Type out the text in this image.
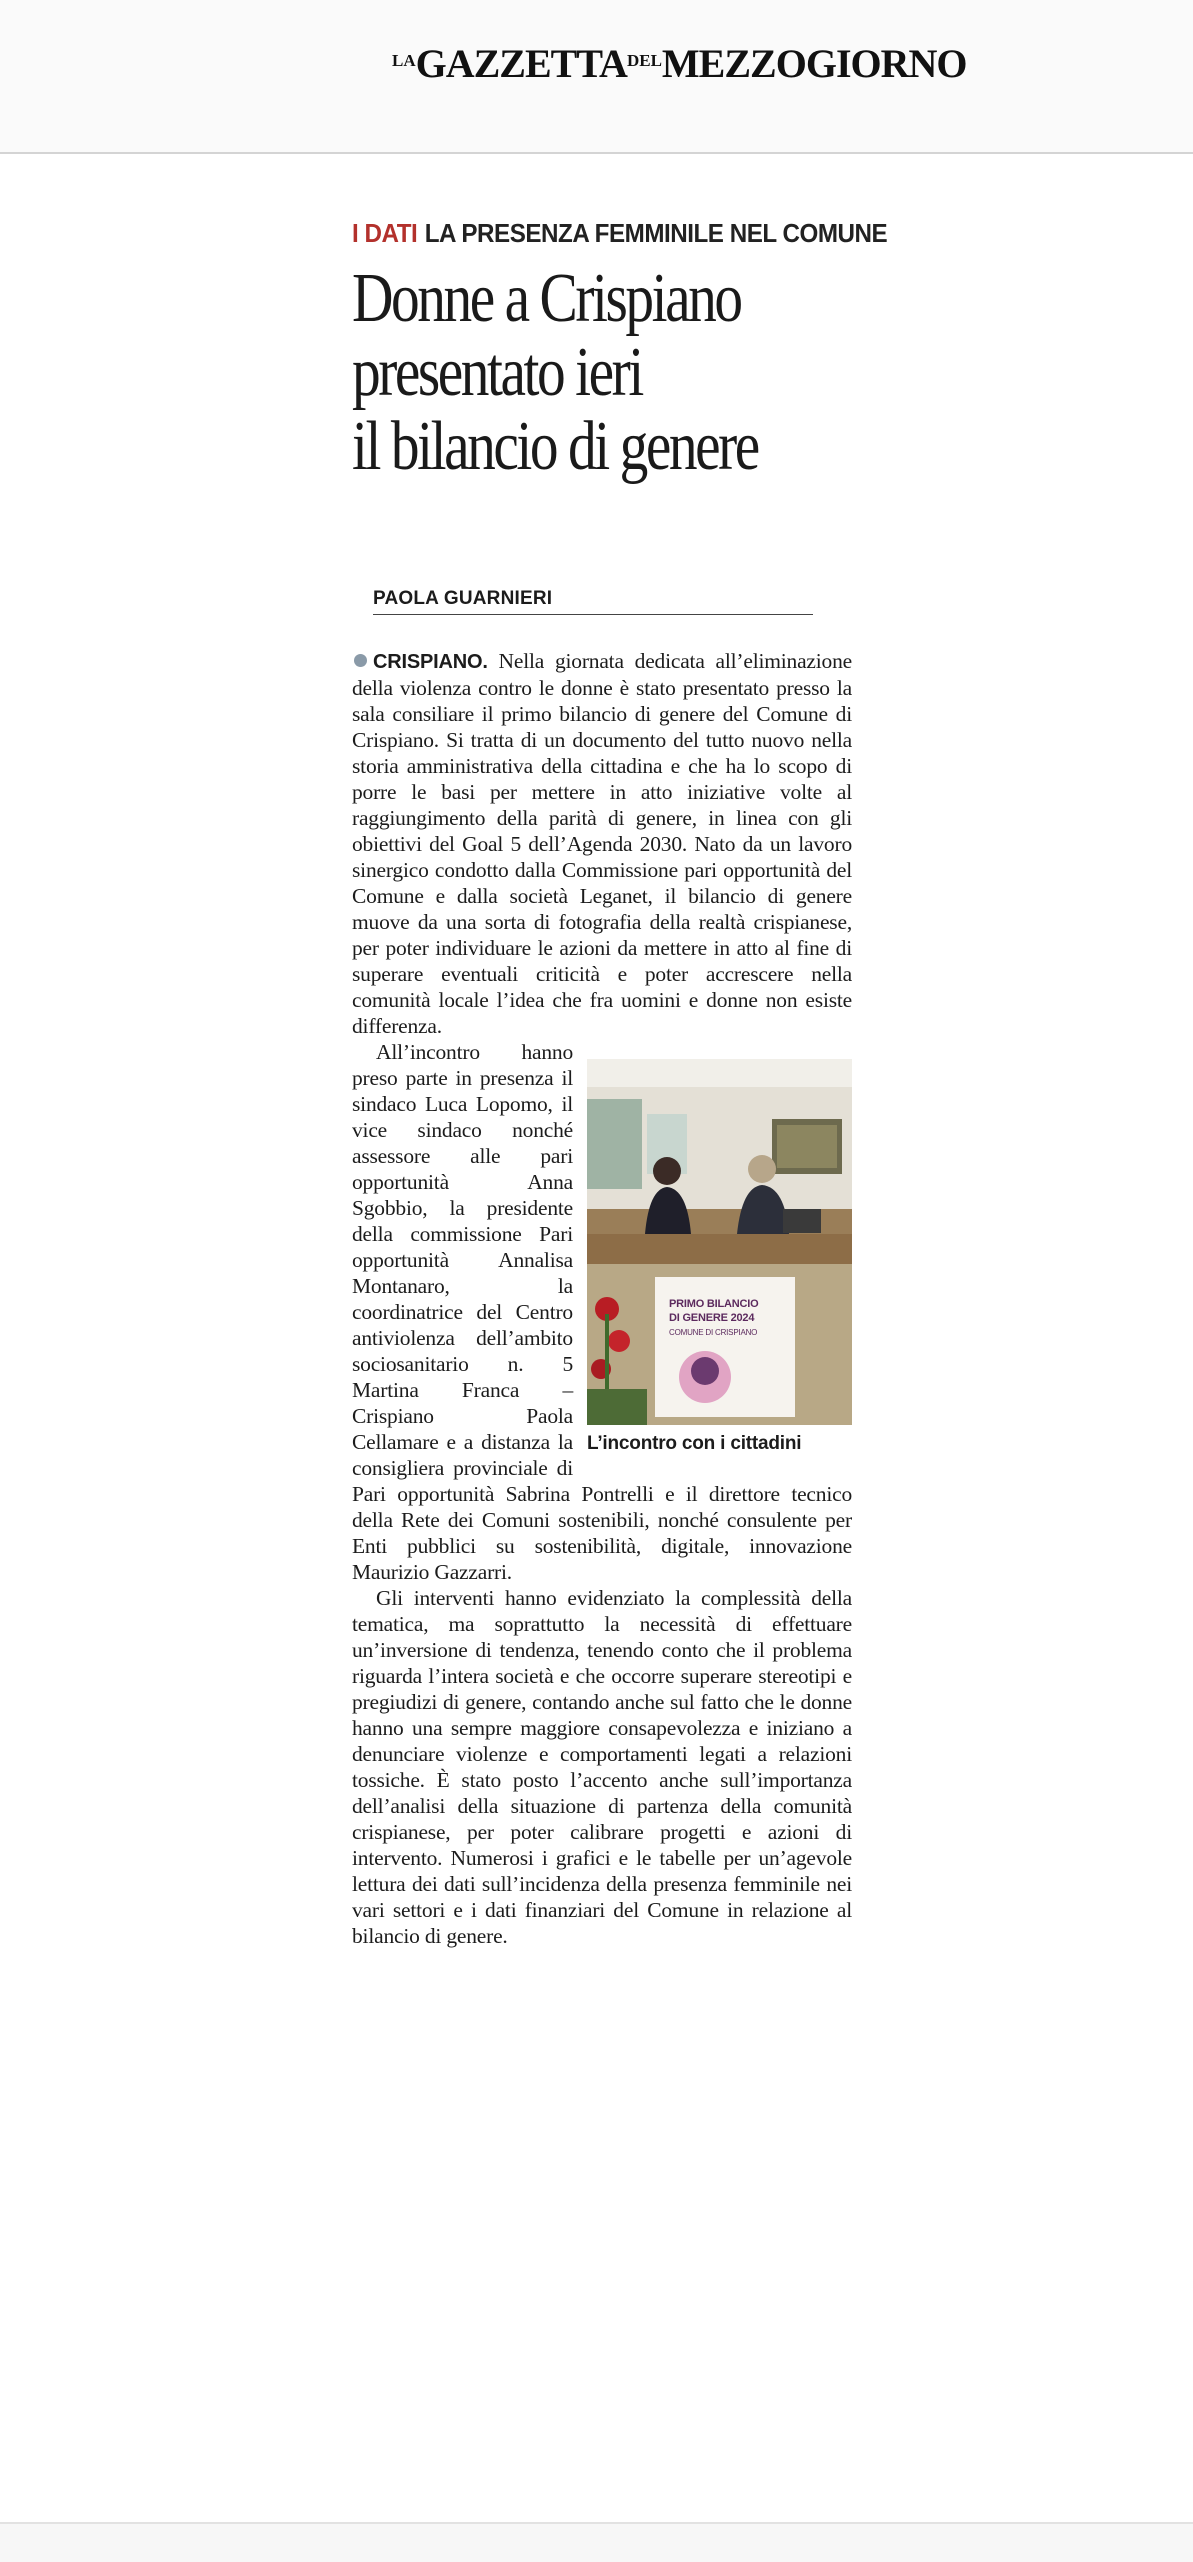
$^{LA}GAZZETTA^{DEL}MEZZOGIORNO$
I DATI LA PRESENZA FEMMINILE NEL COMUNE
Donne a Crispiano
presentato ieri
il bilancio di genere
PAOLA GUARNIERI

CRISPIANO. Nella giornata dedicata all’eliminazione della violenza contro le donne è stato presentato presso la sala consiliare il primo bilancio di genere del Comune di Crispiano. Si tratta di un documento del tutto nuovo nella storia amministrativa della cittadina e che ha lo scopo di porre le basi per mettere in atto iniziative volte al raggiungimento della parità di genere, in linea con gli obiettivi del Goal 5 dell’Agenda 2030. Nato da un lavoro sinergico condotto dalla Commissione pari opportunità del Comune e dalla società Leganet, il bilancio di genere muove da una sorta di fotografia della realtà crispianese, per poter individuare le azioni da mettere in atto al fine di superare eventuali criticità e poter accrescere nella comunità locale l’idea che fra uomini e donne non esiste differenza.

PRIMO BILANCIO
DI GENERE 2024
COMUNE DI CRISPIANO
L’incontro con i cittadini

All’incontro hanno preso parte in presenza il sindaco Luca Lopomo, il vice sindaco nonché assessore alle pari opportunità Anna Sgobbio, la presidente della commissione Pari opportunità Annalisa Montanaro, la coordinatrice del Centro antiviolenza dell’ambito sociosanitario n. 5 Martina Franca – Crispiano Paola Cellamare e a distanza la consigliera provinciale di Pari opportunità Sabrina Pontrelli e il direttore tecnico della Rete dei Comuni sostenibili, nonché consulente per Enti pubblici su sostenibilità, digitale, innovazione Maurizio Gazzarri.

Gli interventi hanno evidenziato la complessità della tematica, ma soprattutto la necessità di effettuare un’inversione di tendenza, tenendo conto che il problema riguarda l’intera società e che occorre superare stereotipi e pregiudizi di genere, contando anche sul fatto che le donne hanno una sempre maggiore consapevolezza e iniziano a denunciare violenze e comportamenti legati a relazioni tossiche. È stato posto l’accento anche sull’importanza dell’analisi della situazione di partenza della comunità crispianese, per poter calibrare progetti e azioni di intervento. Numerosi i grafici e le tabelle per un’agevole lettura dei dati sull’incidenza della presenza femminile nei vari settori e i dati finanziari del Comune in relazione al bilancio di genere.
